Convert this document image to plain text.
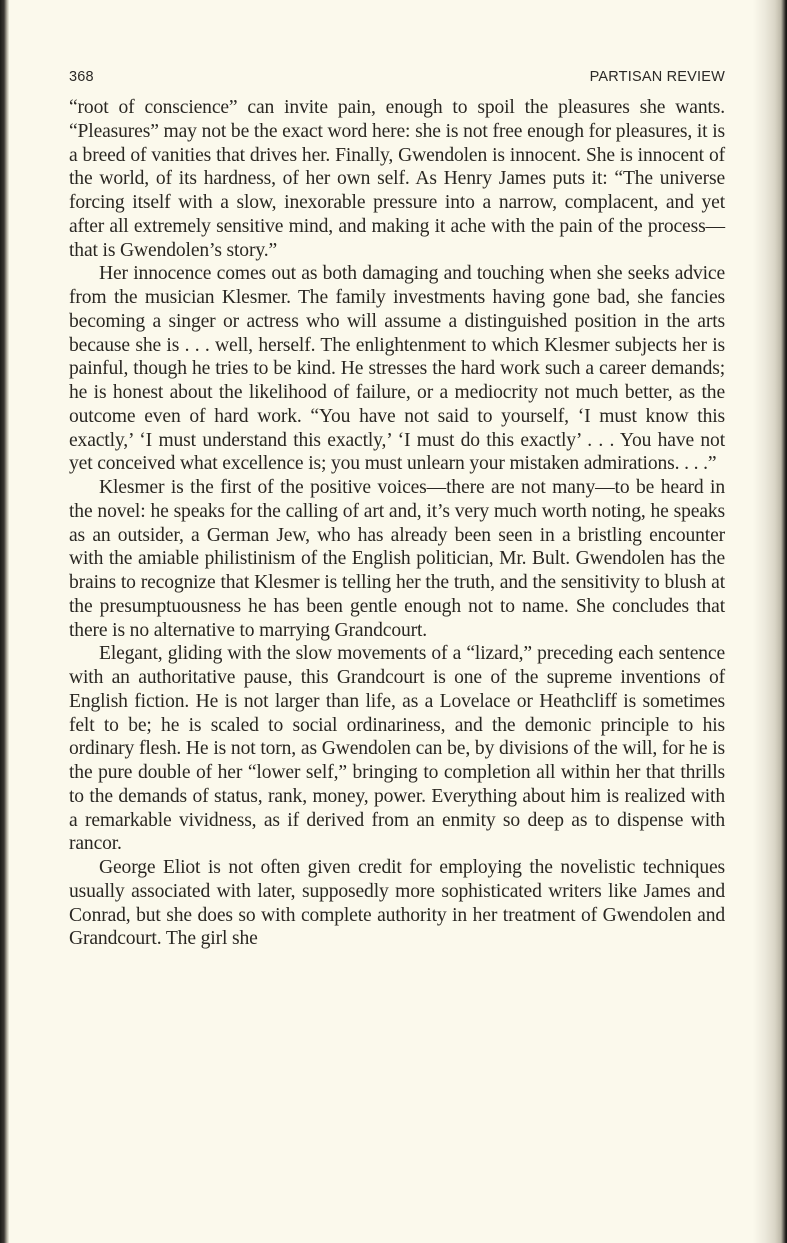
368	PARTISAN REVIEW

“root of conscience” can invite pain, enough to spoil the pleasures she wants. “Pleasures” may not be the exact word here: she is not free enough for pleasures, it is a breed of vanities that drives her. Finally, Gwendolen is innocent. She is innocent of the world, of its hardness, of her own self. As Henry James puts it: “The universe forcing itself with a slow, inexorable pressure into a narrow, complacent, and yet after all extremely sensitive mind, and making it ache with the pain of the process—that is Gwendolen’s story.”

Her innocence comes out as both damaging and touching when she seeks advice from the musician Klesmer. The family investments having gone bad, she fancies becoming a singer or actress who will assume a distinguished position in the arts because she is . . . well, herself. The enlightenment to which Klesmer subjects her is painful, though he tries to be kind. He stresses the hard work such a career demands; he is honest about the likelihood of failure, or a mediocrity not much better, as the outcome even of hard work. “You have not said to yourself, ‘I must know this exactly,’ ‘I must understand this exactly,’ ‘I must do this exactly’ . . . You have not yet conceived what excellence is; you must unlearn your mistaken admirations. . . .”

Klesmer is the first of the positive voices—there are not many—to be heard in the novel: he speaks for the calling of art and, it’s very much worth noting, he speaks as an outsider, a German Jew, who has already been seen in a bristling encounter with the amiable philistinism of the English politician, Mr. Bult. Gwendolen has the brains to recognize that Klesmer is telling her the truth, and the sensitivity to blush at the presumptuousness he has been gentle enough not to name. She concludes that there is no alternative to marrying Grandcourt.

Elegant, gliding with the slow movements of a “lizard,” preceding each sentence with an authoritative pause, this Grandcourt is one of the supreme inventions of English fiction. He is not larger than life, as a Lovelace or Heathcliff is sometimes felt to be; he is scaled to social ordinariness, and the demonic principle to his ordinary flesh. He is not torn, as Gwendolen can be, by divisions of the will, for he is the pure double of her “lower self,” bringing to completion all within her that thrills to the demands of status, rank, money, power. Everything about him is realized with a remarkable vividness, as if derived from an enmity so deep as to dispense with rancor.

George Eliot is not often given credit for employing the novelistic techniques usually associated with later, supposedly more sophisticated writers like James and Conrad, but she does so with complete authority in her treatment of Gwendolen and Grandcourt. The girl she
